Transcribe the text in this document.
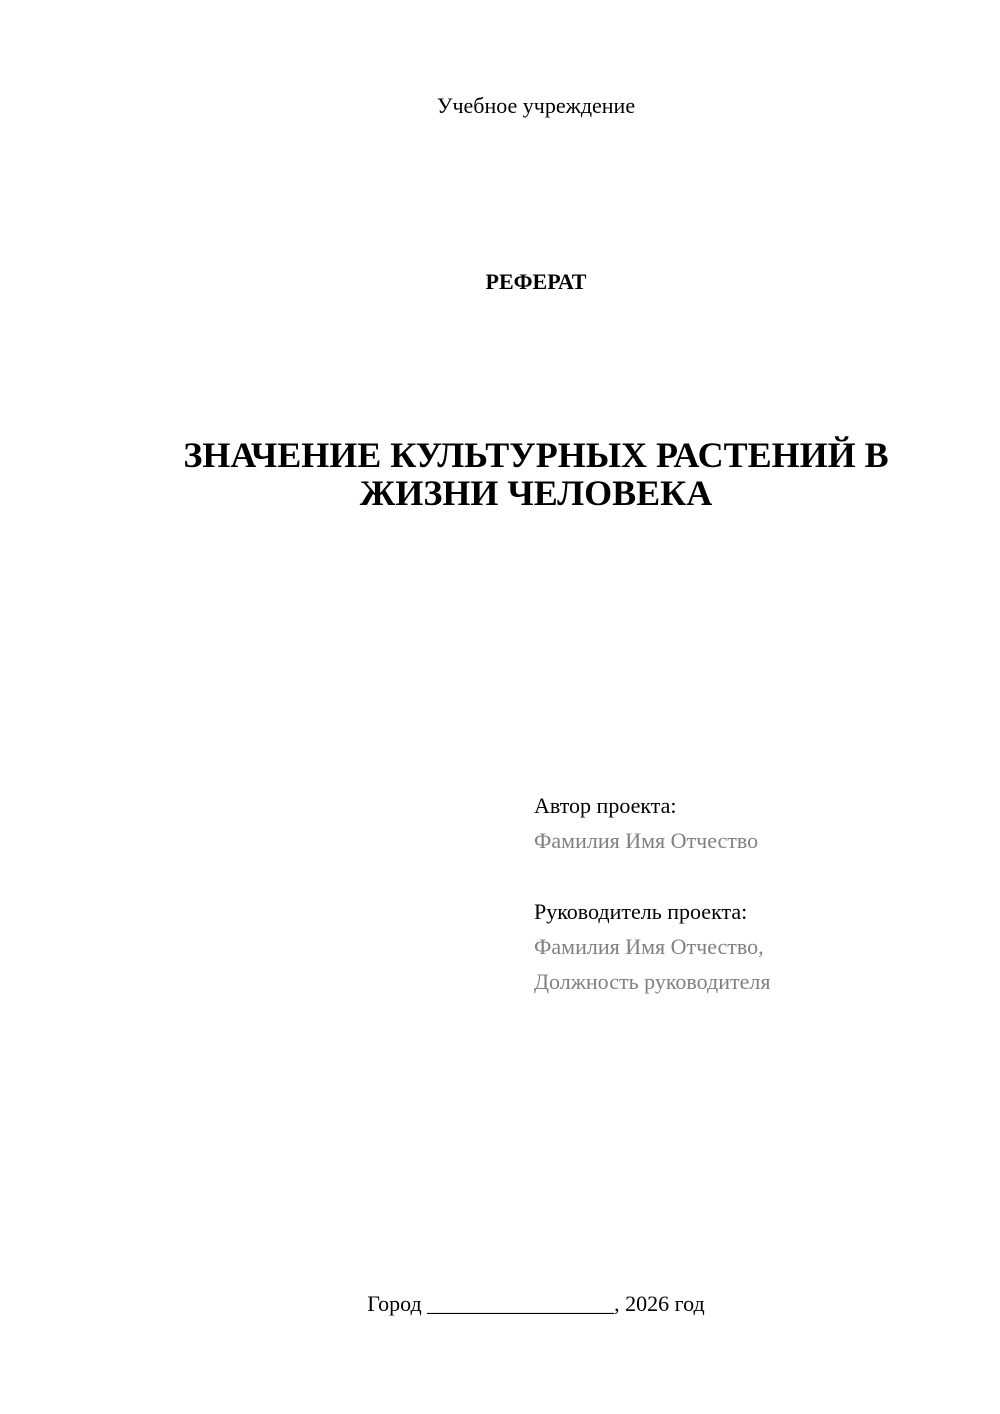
Учебное учреждение
РЕФЕРАТ
ЗНАЧЕНИЕ КУЛЬТУРНЫХ РАСТЕНИЙ В
ЖИЗНИ ЧЕЛОВЕКА
Автор проекта:
Фамилия Имя Отчество
Руководитель проекта:
Фамилия Имя Отчество,
Должность руководителя
Город _________________, 2026 год
